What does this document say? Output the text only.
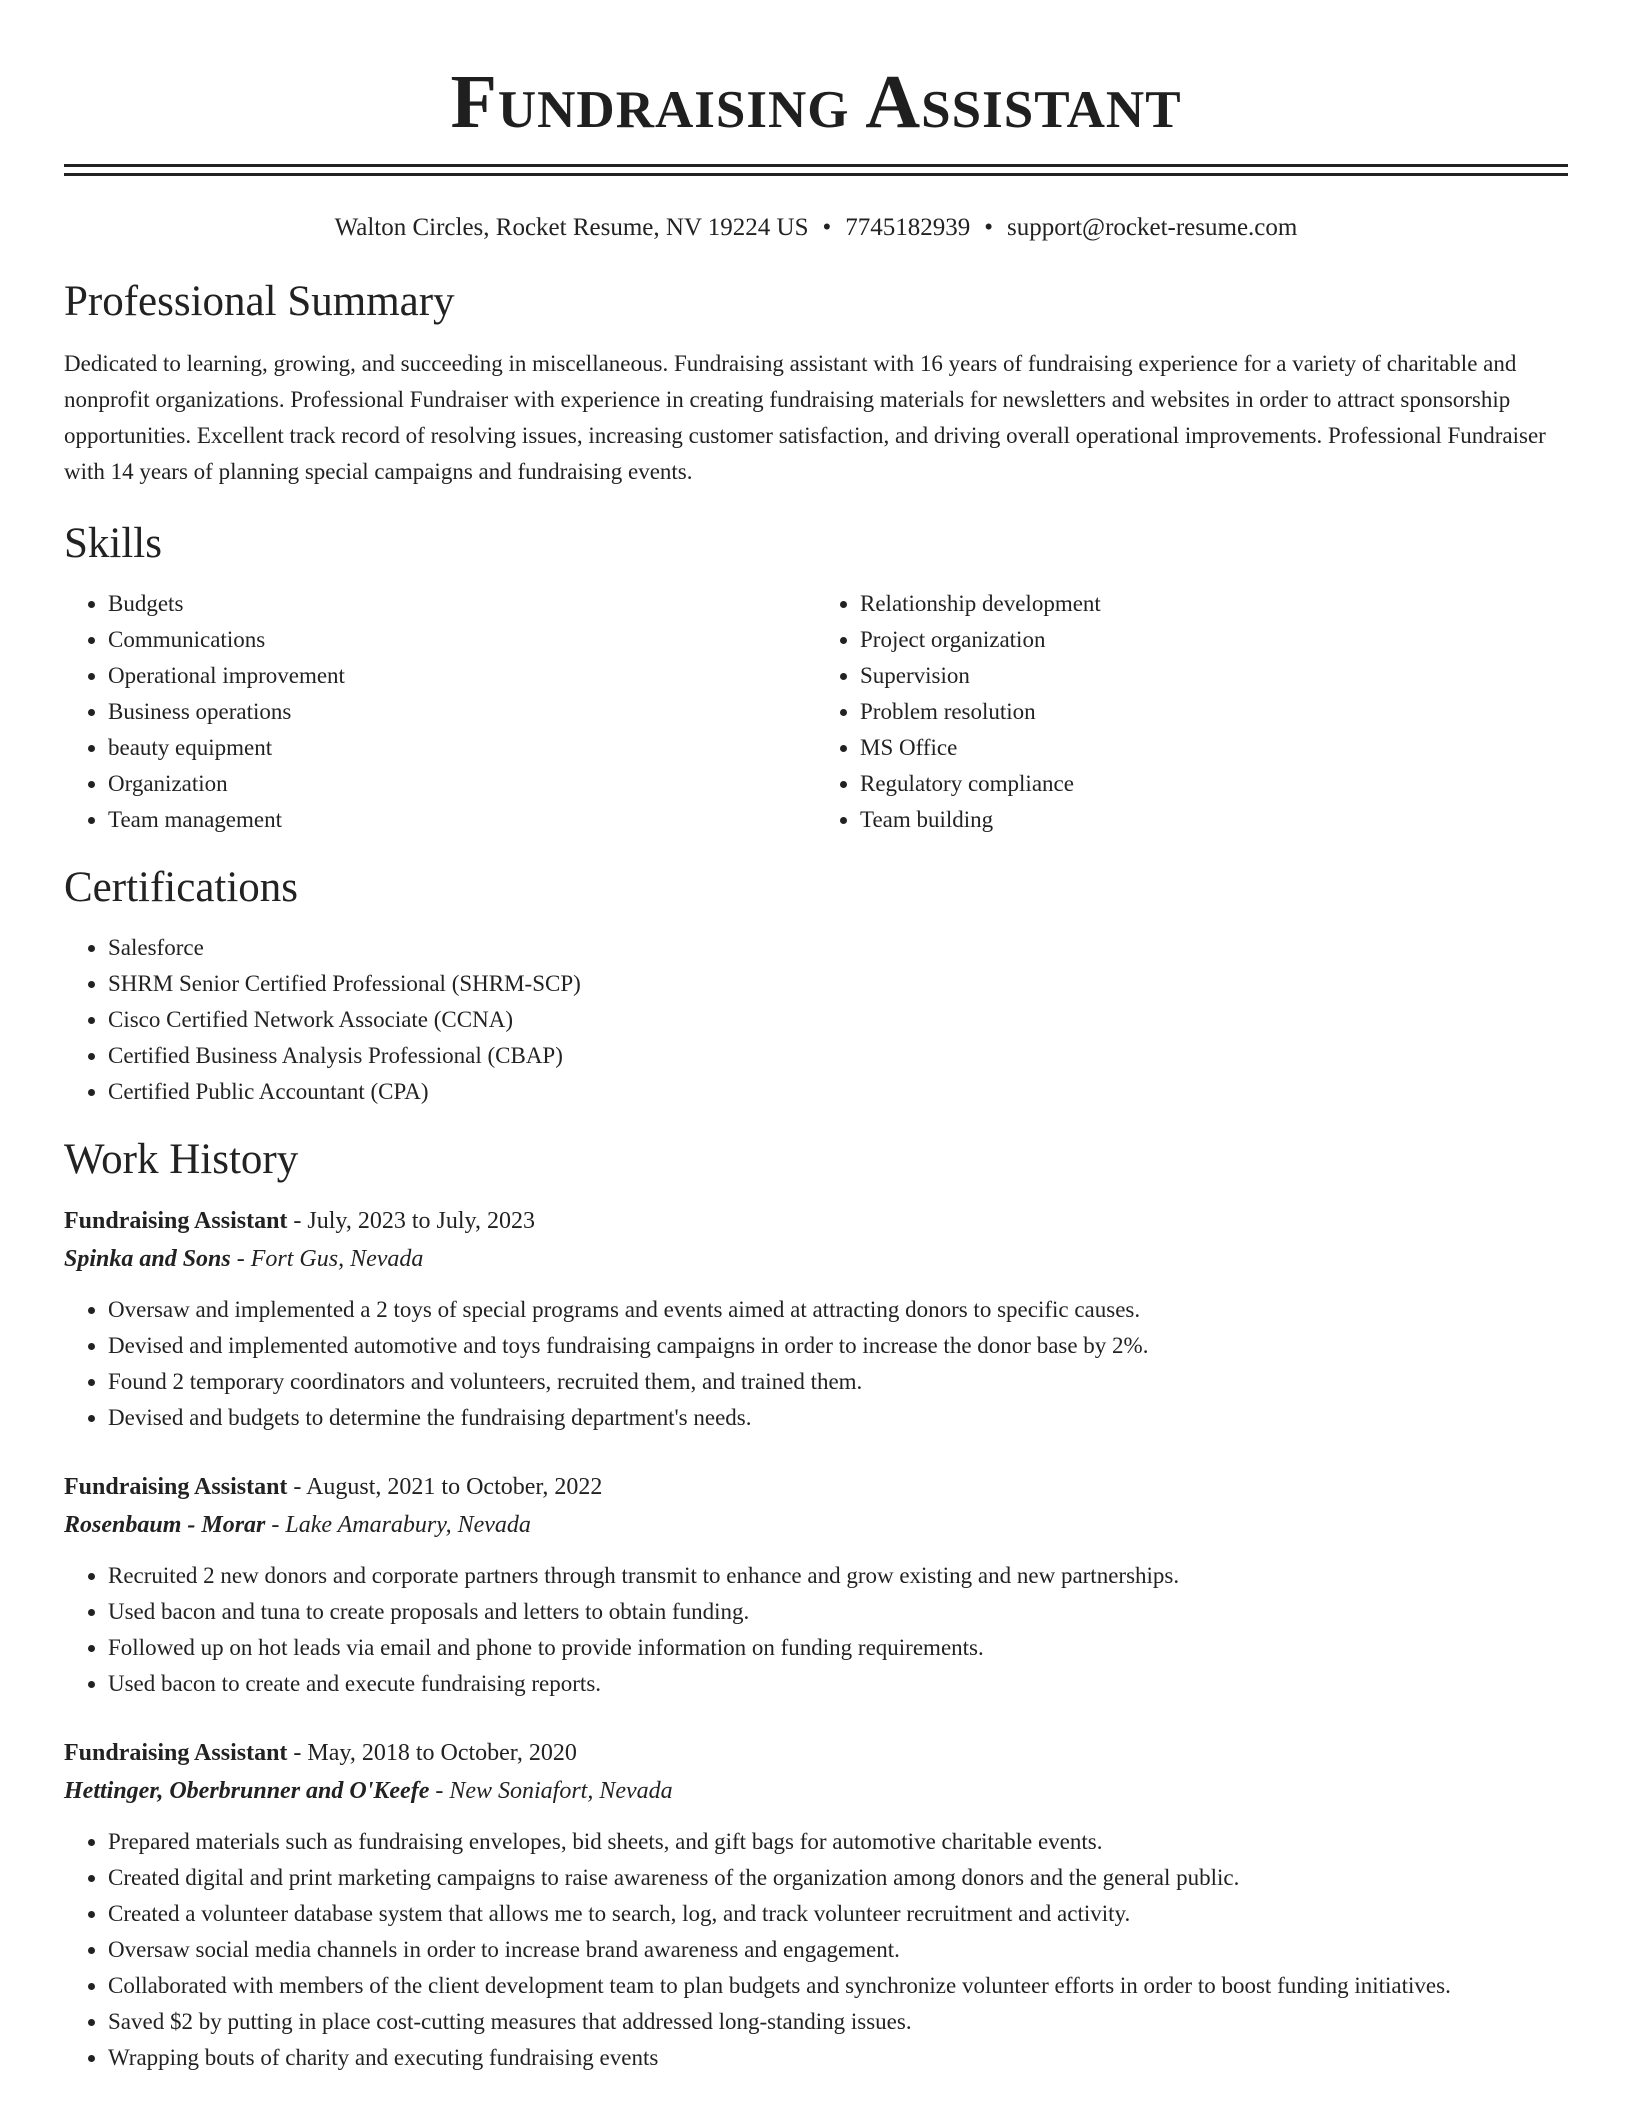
Fundraising Assistant
Walton Circles, Rocket Resume, NV 19224 US • 7745182939 • support@rocket-resume.com
Professional Summary

Dedicated to learning, growing, and succeeding in miscellaneous. Fundraising assistant with 16 years of fundraising experience for a variety of charitable and nonprofit organizations. Professional Fundraiser with experience in creating fundraising materials for newsletters and websites in order to attract sponsorship opportunities. Excellent track record of resolving issues, increasing customer satisfaction, and driving overall operational improvements. Professional Fundraiser with 14 years of planning special campaigns and fundraising events.

Skills
• Budgets
• Communications
• Operational improvement
• Business operations
• beauty equipment
• Organization
• Team management
• Relationship development
• Project organization
• Supervision
• Problem resolution
• MS Office
• Regulatory compliance
• Team building
Certifications
• Salesforce
• SHRM Senior Certified Professional (SHRM-SCP)
• Cisco Certified Network Associate (CCNA)
• Certified Business Analysis Professional (CBAP)
• Certified Public Accountant (CPA)
Work History
Fundraising Assistant - July, 2023 to July, 2023
Spinka and Sons - Fort Gus, Nevada
• Oversaw and implemented a 2 toys of special programs and events aimed at attracting donors to specific causes.
• Devised and implemented automotive and toys fundraising campaigns in order to increase the donor base by 2%.
• Found 2 temporary coordinators and volunteers, recruited them, and trained them.
• Devised and budgets to determine the fundraising department's needs.
Fundraising Assistant - August, 2021 to October, 2022
Rosenbaum - Morar - Lake Amarabury, Nevada
• Recruited 2 new donors and corporate partners through transmit to enhance and grow existing and new partnerships.
• Used bacon and tuna to create proposals and letters to obtain funding.
• Followed up on hot leads via email and phone to provide information on funding requirements.
• Used bacon to create and execute fundraising reports.
Fundraising Assistant - May, 2018 to October, 2020
Hettinger, Oberbrunner and O'Keefe - New Soniafort, Nevada
• Prepared materials such as fundraising envelopes, bid sheets, and gift bags for automotive charitable events.
• Created digital and print marketing campaigns to raise awareness of the organization among donors and the general public.
• Created a volunteer database system that allows me to search, log, and track volunteer recruitment and activity.
• Oversaw social media channels in order to increase brand awareness and engagement.
• Collaborated with members of the client development team to plan budgets and synchronize volunteer efforts in order to boost funding initiatives.
• Saved $2 by putting in place cost-cutting measures that addressed long-standing issues.
• Wrapping bouts of charity and executing fundraising events
